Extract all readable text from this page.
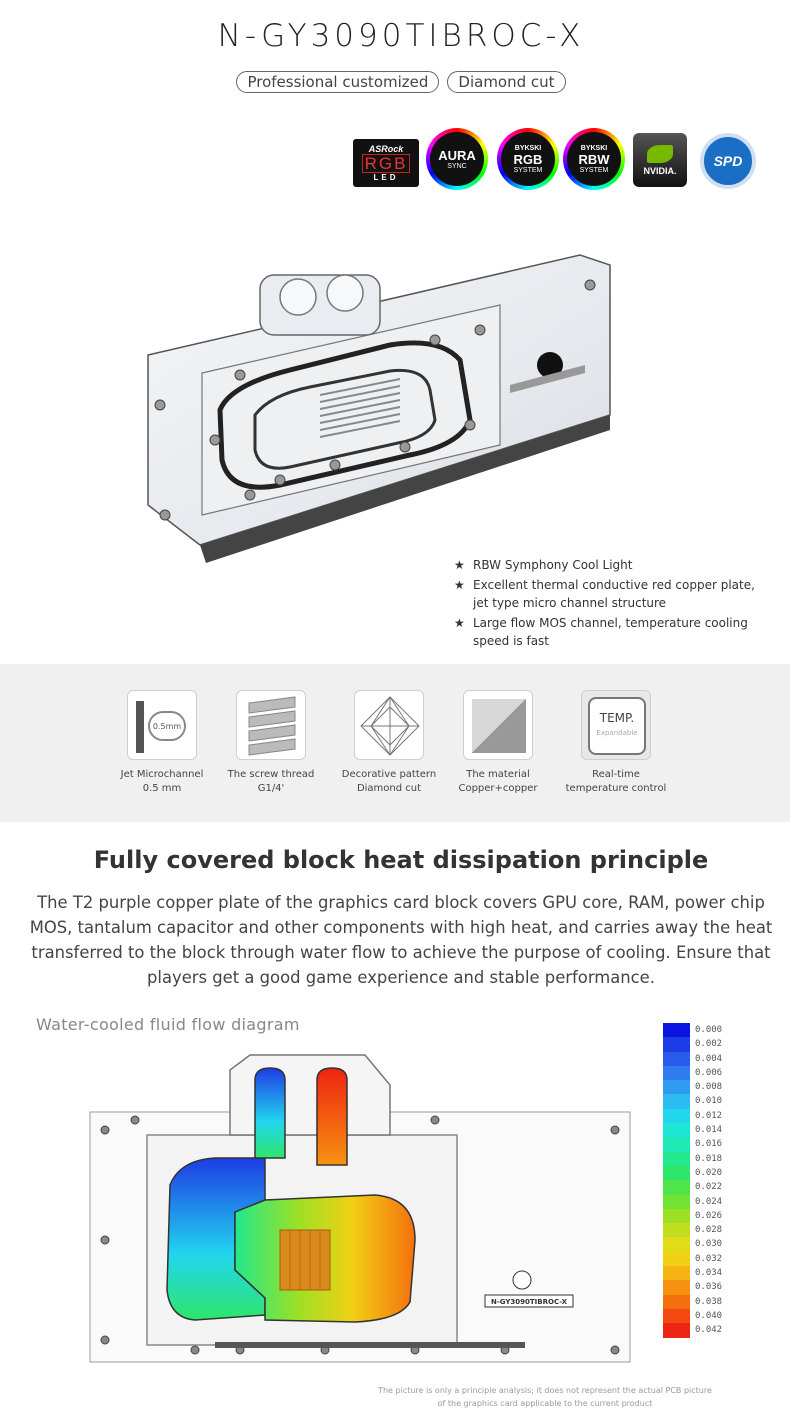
N-GY3090TIBROC-X
Professional customized	Diamond cut
ASRock
RGB
LED
AURA
SYNC
BYKSKI
RGB
SYSTEM
BYKSKI
RBW
SYSTEM	NVIDIA.
SPD
★ RBW Symphony Cool Light
★ Excellent thermal conductive red copper plate, jet type micro channel structure
★ Large flow MOS channel, temperature cooling speed is fast
0.5mm
Jet Microchannel
0.5 mm
The screw thread
G1/4'
Decorative pattern
Diamond cut
The material
Copper+copper
TEMP.
Expandable
Real-time
temperature control
Fully covered block heat dissipation principle
The T2 purple copper plate of the graphics card block covers GPU core, RAM, power chip MOS, tantalum capacitor and other components with high heat, and carries away the heat transferred to the block through water flow to achieve the purpose of cooling. Ensure that players get a good game experience and stable performance.
Water-cooled fluid flow diagram
N-GY3090TIBROC-X
0.000
0.002
0.004
0.006
0.008
0.010
0.012
0.014
0.016
0.018
0.020
0.022
0.024
0.026
0.028
0.030
0.032
0.034
0.036
0.038
0.040
0.042
The picture is only a principle analysis; it does not represent the actual PCB picture
of the graphics card applicable to the current product
